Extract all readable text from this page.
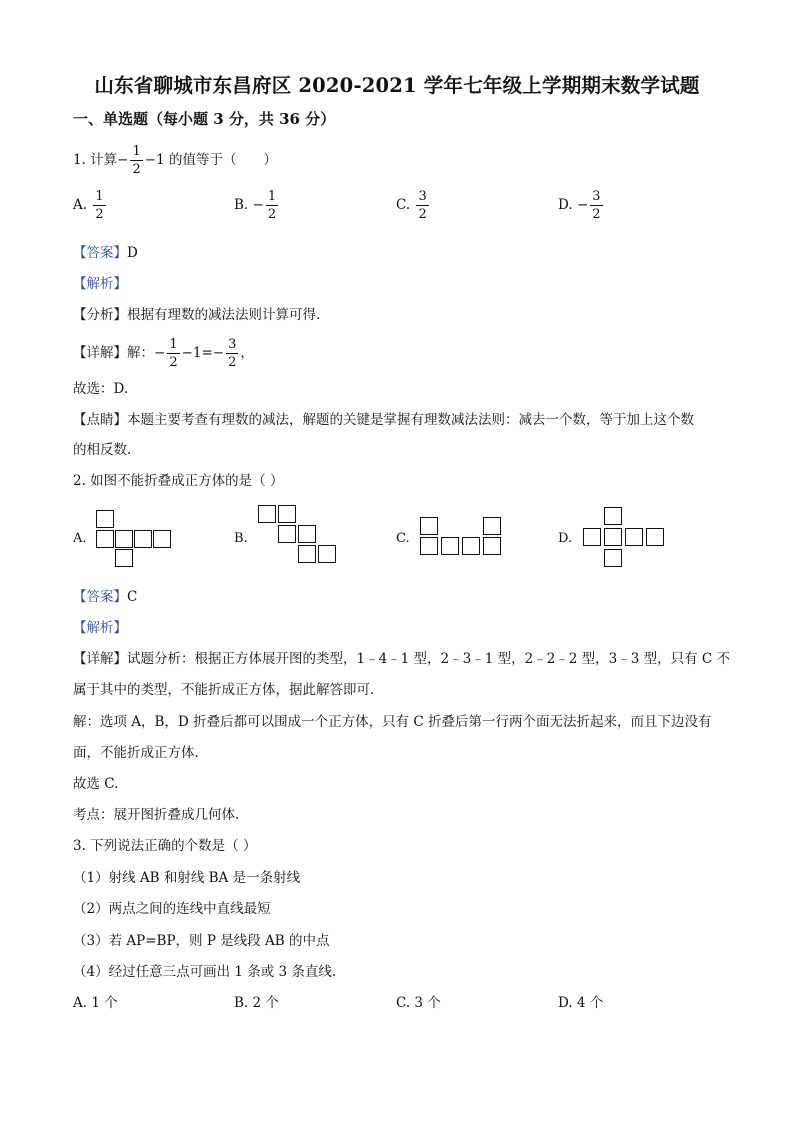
山东省聊城市东昌府区 2020-2021 学年七年级上学期期末数学试题
一、单选题（每小题 3 分，共 36 分）
1. 计算− $\frac{1}{2} -1$ 的值等于（　　）
A. $\frac{1}{2}$	B. − $\frac{1}{2}$	C. $\frac{3}{2}$	D. − $\frac{3}{2}$
【答案】D
【解析】
【分析】根据有理数的减法法则计算可得.
【详解】解：− $\frac{1}{2} -1=- \frac{3}{2}$ ，
故选：D.
【点睛】本题主要考查有理数的减法，解题的关键是掌握有理数减法法则：减去一个数，等于加上这个数
的相反数.
2. 如图不能折叠成正方体的是（ ）
A.	B.	C.	D.
【答案】C
【解析】
【详解】试题分析：根据正方体展开图的类型，1﹣4﹣1 型，2﹣3﹣1 型，2﹣2﹣2 型，3﹣3 型，只有 C 不
属于其中的类型，不能折成正方体，据此解答即可.
解：选项 A，B，D 折叠后都可以围成一个正方体，只有 C 折叠后第一行两个面无法折起来，而且下边没有
面，不能折成正方体.
故选 C.
考点：展开图折叠成几何体.
3. 下列说法正确的个数是（ ）
（1）射线 AB 和射线 BA 是一条射线
（2）两点之间的连线中直线最短
（3）若 AP=BP，则 P 是线段 AB 的中点
（4）经过任意三点可画出 1 条或 3 条直线.
A. 1 个	B. 2 个	C. 3 个	D. 4 个
